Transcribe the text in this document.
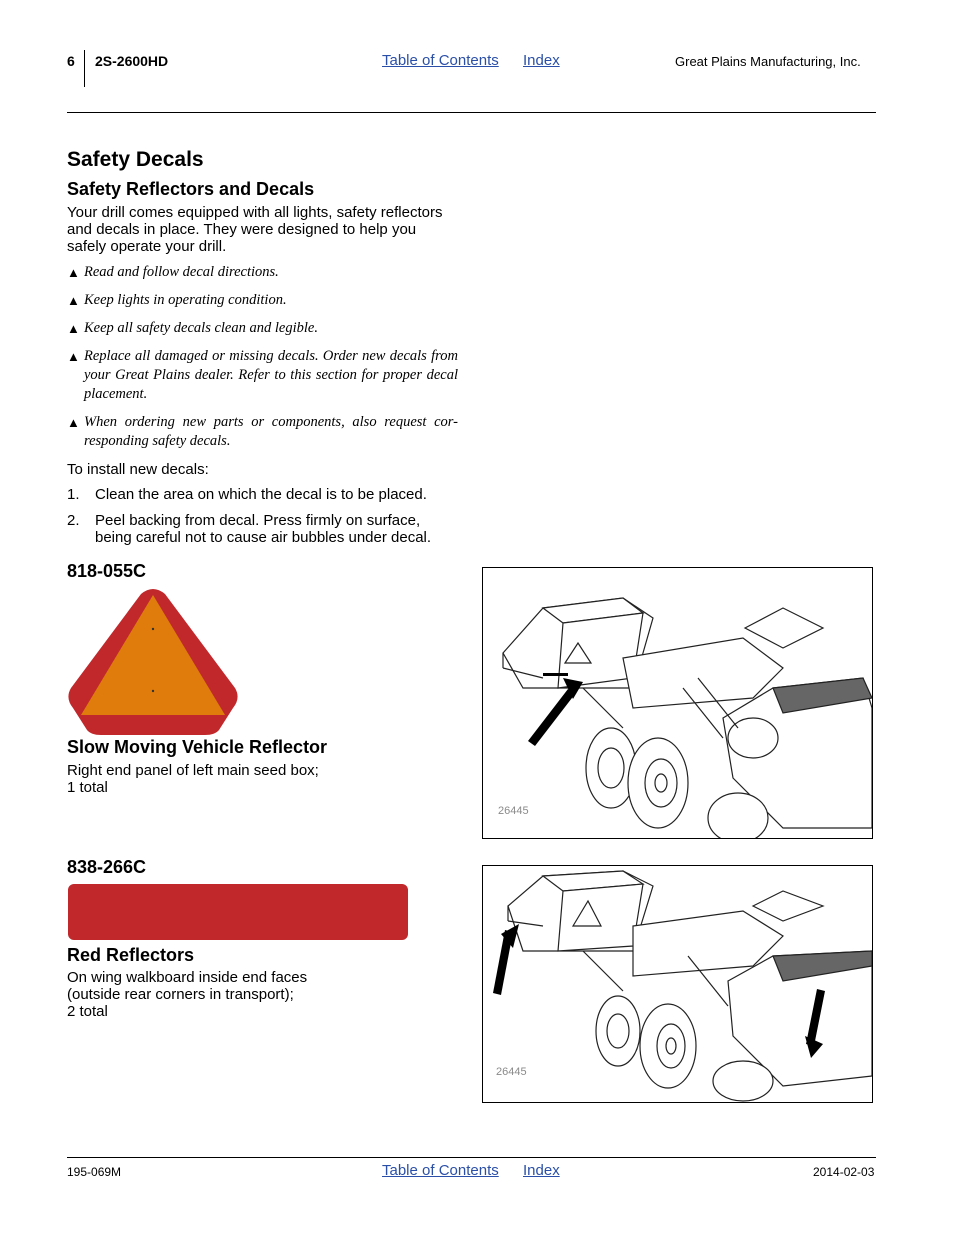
6 2S-2600HD	Table of Contents Index	Great Plains Manufacturing, Inc.
Safety Decals
Safety Reflectors and Decals
Your drill comes equipped with all lights, safety reflectors
and decals in place. They were designed to help you
safely operate your drill.
▲ Read and follow decal directions.
▲ Keep lights in operating condition.
▲ Keep all safety decals clean and legible.
▲ Replace all damaged or missing decals. Order new decals from your Great Plains dealer. Refer to this section for proper decal placement.
▲ When ordering new parts or components, also request cor-responding safety decals.
To install new decals:
1. Clean the area on which the decal is to be placed.
2. Peel backing from decal. Press firmly on surface, being careful not to cause air bubbles under decal.
818-055C
Slow Moving Vehicle Reflector
Right end panel of left main seed box;
1 total
26445
838-266C
Red Reflectors
On wing walkboard inside end faces
(outside rear corners in transport);
2 total
26445
195-069M	Table of Contents Index	2014-02-03
